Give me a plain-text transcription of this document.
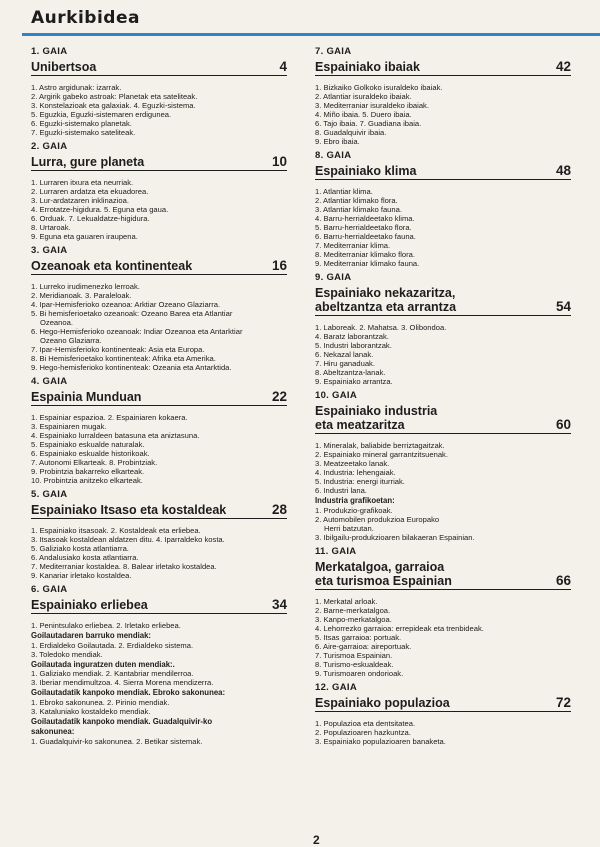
Aurkibidea
1. GAIA
Unibertsoa	4
1. Astro argidunak: izarrak.
2. Argirik gabeko astroak: Planetak eta sateliteak.
3. Konstelazioak eta galaxiak. 4. Eguzki-sistema.
5. Eguzkia, Eguzki-sistemaren erdigunea.
6. Eguzki-sistemako planetak.
7. Eguzki-sistemako sateliteak.
2. GAIA
Lurra, gure planeta	10
1. Lurraren itxura eta neurriak.
2. Lurraren ardatza eta ekuadorea.
3. Lur-ardatzaren inklinazioa.
4. Errotatze-higidura. 5. Eguna eta gaua.
6. Orduak. 7. Lekualdatze-higidura.
8. Urtaroak.
9. Eguna eta gauaren iraupena.
3. GAIA
Ozeanoak eta kontinenteak	16
1. Lurreko irudimenezko lerroak.
2. Meridianoak. 3. Paraleloak.
4. Ipar-Hemisferioko ozeanoa: Arktiar Ozeano Glaziarra.
5. Bi hemisferioetako ozeanoak: Ozeano Barea eta Atlantiar
Ozeanoa.
6. Hego-Hemisferioko ozeanoak: Indiar Ozeanoa eta Antarktiar
Ozeano Glaziarra.
7. Ipar-Hemisferioko kontinenteak: Asia eta Europa.
8. Bi Hemisferioetako kontinenteak: Afrika eta Amerika.
9. Hego-hemisferioko kontinenteak: Ozeania eta Antarktida.
4. GAIA
Espainia Munduan	22
1. Espainiar espazioa. 2. Espainiaren kokaera.
3. Espainiaren mugak.
4. Espainiako lurraldeen batasuna eta aniztasuna.
5. Espainiako eskualde naturalak.
6. Espainiako eskualde historikoak.
7. Autonomi Elkarteak. 8. Probintziak.
9. Probintzia bakarreko elkarteak.
10. Probintzia anitzeko elkarteak.
5. GAIA
Espainiako Itsaso eta kostaldeak	28
1. Espainiako itsasoak. 2. Kostaldeak eta erliebea.
3. Itsasoak kostaldean aldatzen ditu. 4. Iparraldeko kosta.
5. Galiziako kosta atlantiarra.
6. Andalusiako kosta atlantiarra.
7. Mediterraniar kostaldea. 8. Balear irletako kostaldea.
9. Kanariar irletako kostaldea.
6. GAIA
Espainiako erliebea	34
1. Penintsulako erliebea. 2. Irletako erliebea.
Goilautadaren barruko mendiak:
1. Erdialdeko Goilautada. 2. Erdialdeko sistema.
3. Toledoko mendiak.
Goilautada inguratzen duten mendiak:.
1. Galiziako mendiak. 2. Kantabriar mendilerroa.
3. Iberiar mendimultzoa. 4. Sierra Morena mendizerra.
Goilautadatik kanpoko mendiak. Ebroko sakonunea:
1. Ebroko sakonunea. 2. Pirinio mendiak.
3. Kataluniako kostaldeko mendiak.
Goilautadatik kanpoko mendiak. Guadalquivir-ko
sakonunea:
1. Guadalquivir-ko sakonunea. 2. Betikar sistemak.
7. GAIA
Espainiako ibaiak	42
1. Bizkaiko Golkoko isuraldeko ibaiak.
2. Atlantiar isuraldeko ibaiak.
3. Mediterraniar isuraldeko ibaiak.
4. Miño ibaia. 5. Duero ibaia.
6. Tajo ibaia. 7. Guadiana ibaia.
8. Guadalquivir ibaia.
9. Ebro ibaia.
8. GAIA
Espainiako klima	48
1. Atlantiar klima.
2. Atlantiar klimako flora.
3. Atlantiar klimako fauna.
4. Barru-herrialdeetako klima.
5. Barru-herrialdeetako flora.
6. Barru-herrialdeetako fauna.
7. Mediterraniar klima.
8. Mediterraniar klimako flora.
9. Mediterraniar klimako fauna.
9. GAIA
Espainiako nekazaritza,
abeltzantza eta arrantza	54
1. Laboreak. 2. Mahatsa. 3. Olibondoa.
4. Baratz laborantzak.
5. Industri laborantzak.
6. Nekazal lanak.
7. Hiru ganaduak.
8. Abeltzantza-lanak.
9. Espainiako arrantza.
10. GAIA
Espainiako industria
eta meatzaritza	60
1. Mineralak, baliabide berriztagaitzak.
2. Espainiako mineral garrantzitsuenak.
3. Meatzeetako lanak.
4. Industria: lehengaiak.
5. Industria: energi iturriak.
6. Industri lana.
Industria grafikoetan:
1. Produkzio-grafikoak.
2. Automobilen produkzioa Europako
Herri batzutan.
3. Ibilgailu-produkzioaren bilakaeran Espainian.
11. GAIA
Merkatalgoa, garraioa
eta turismoa Espainian	66
1. Merkatal arloak.
2. Barne-merkatalgoa.
3. Kanpo-merkatalgoa.
4. Lehorrezko garraioa: errepideak eta trenbideak.
5. Itsas garraioa: portuak.
6. Aire-garraioa: aireportuak.
7. Turismoa Espainian.
8. Turismo-eskualdeak.
9. Turismoaren ondorioak.
12. GAIA
Espainiako populazioa	72
1. Populazioa eta dentsitatea.
2. Populazioaren hazkuntza.
3. Espainiako populazioaren banaketa.
2
